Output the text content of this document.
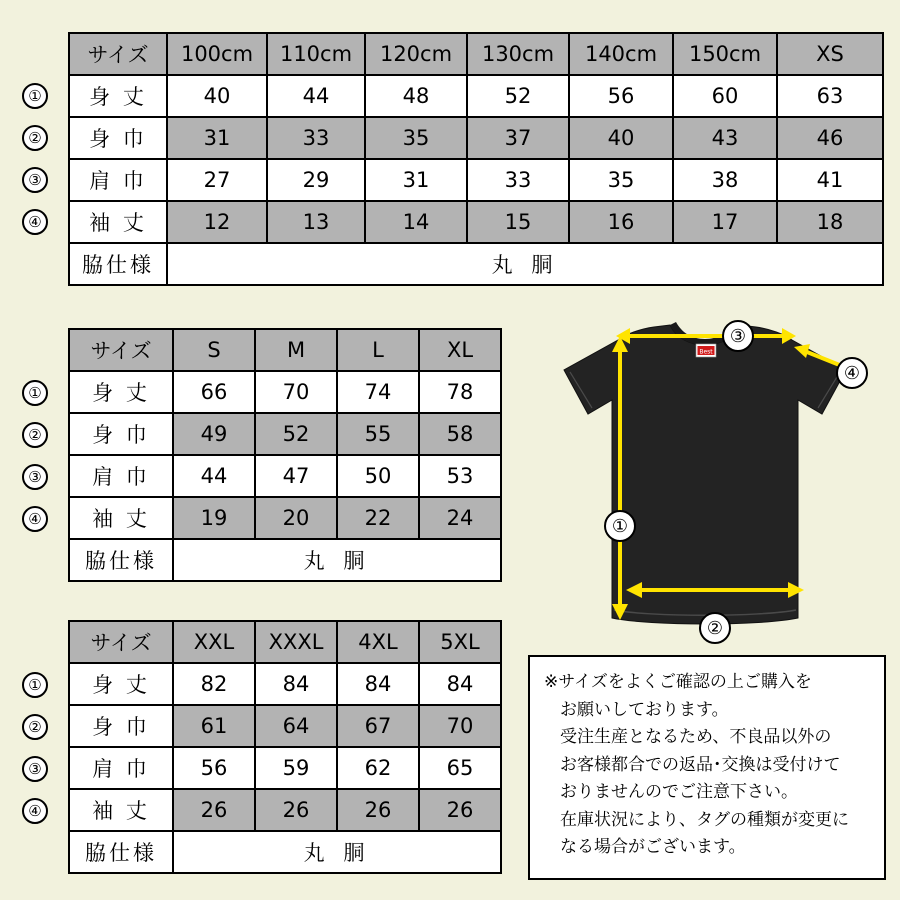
①
②
③
④
サイズ	100cm	110cm	120cm	130cm	140cm	150cm	XS
身 丈	40	44	48	52	56	60	63
身 巾	31	33	35	37	40	43	46
肩 巾	27	29	31	33	35	38	41
袖 丈	12	13	14	15	16	17	18
脇仕様	丸 胴						
①
②
③
④
サイズ	S	M	L	XL
身 丈	66	70	74	78
身 巾	49	52	55	58
肩 巾	44	47	50	53
袖 丈	19	20	22	24
脇仕様	丸 胴			
①
②
③
④
サイズ	XXL	XXXL	4XL	5XL
身 丈	82	84	84	84
身 巾	61	64	67	70
肩 巾	56	59	62	65
袖 丈	26	26	26	26
脇仕様	丸 胴			
Best
③
④
①
②

※サイズをよくご確認の上ご購入を

お願いしております。

受注生産となるため、不良品以外の

お客様都合での返品･交換は受付けて

おりませんのでご注意下さい。

在庫状況により、タグの種類が変更に

なる場合がございます。
